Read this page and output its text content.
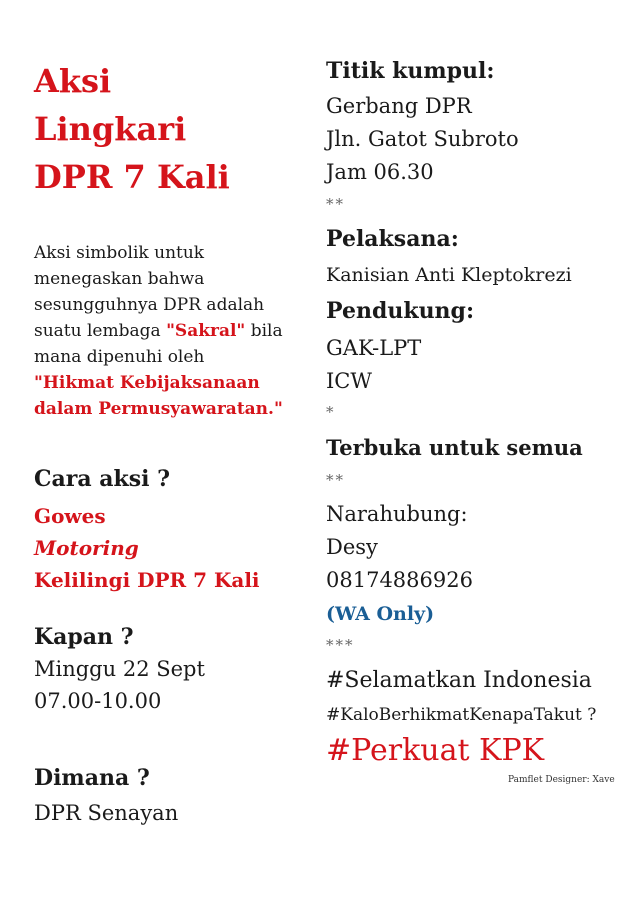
Aksi
Lingkari
DPR 7 Kali
Aksi simbolik untuk
menegaskan bahwa
sesungguhnya DPR adalah
suatu lembaga "Sakral" bila
mana dipenuhi oleh
"Hikmat Kebijaksanaan
dalam Permusyawaratan."
Cara aksi ?
Gowes
Motoring
Kelilingi DPR 7 Kali
Kapan ?
Minggu 22 Sept
07.00-10.00
Dimana ?
DPR Senayan
Titik kumpul:
Gerbang DPR
Jln. Gatot Subroto
Jam 06.30
**
Pelaksana:
Kanisian Anti Kleptokrezi
Pendukung:
GAK-LPT
ICW
*
Terbuka untuk semua
**
Narahubung:
Desy
08174886926
(WA Only)
***
#Selamatkan Indonesia
#KaloBerhikmatKenapaTakut ?
#Perkuat KPK
Pamflet Designer: Xave
